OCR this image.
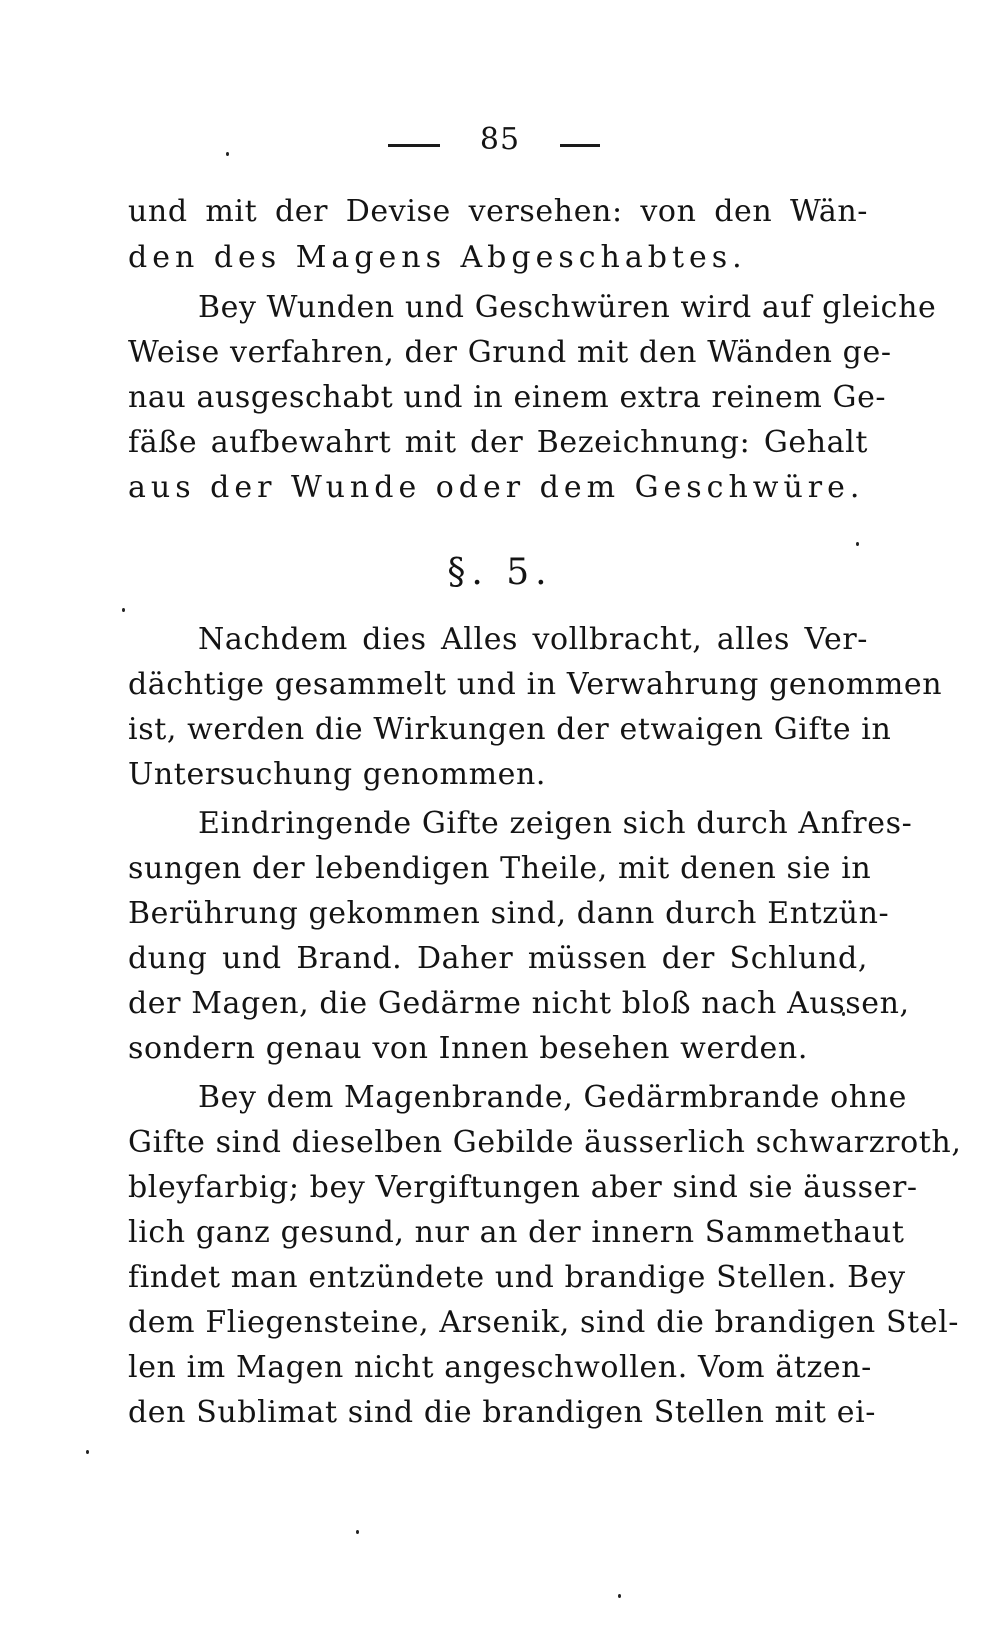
85
und mit der Devise versehen: von den Wän-
den des Magens Abgeschabtes.
Bey Wunden und Geschwüren wird auf gleiche
Weise verfahren, der Grund mit den Wänden ge-
nau ausgeschabt und in einem extra reinem Ge-
fäße aufbewahrt mit der Bezeichnung: Gehalt
aus der Wunde oder dem Geschwüre.
§. 5.
Nachdem dies Alles vollbracht, alles Ver-
dächtige gesammelt und in Verwahrung genommen
ist, werden die Wirkungen der etwaigen Gifte in
Untersuchung genommen.
Eindringende Gifte zeigen sich durch Anfres-
sungen der lebendigen Theile, mit denen sie in
Berührung gekommen sind, dann durch Entzün-
dung und Brand. Daher müssen der Schlund,
der Magen, die Gedärme nicht bloß nach Aussen,
sondern genau von Innen besehen werden.
Bey dem Magenbrande, Gedärmbrande ohne
Gifte sind dieselben Gebilde äusserlich schwarzroth,
bleyfarbig; bey Vergiftungen aber sind sie äusser-
lich ganz gesund, nur an der innern Sammethaut
findet man entzündete und brandige Stellen. Bey
dem Fliegensteine, Arsenik, sind die brandigen Stel-
len im Magen nicht angeschwollen. Vom ätzen-
den Sublimat sind die brandigen Stellen mit ei-
